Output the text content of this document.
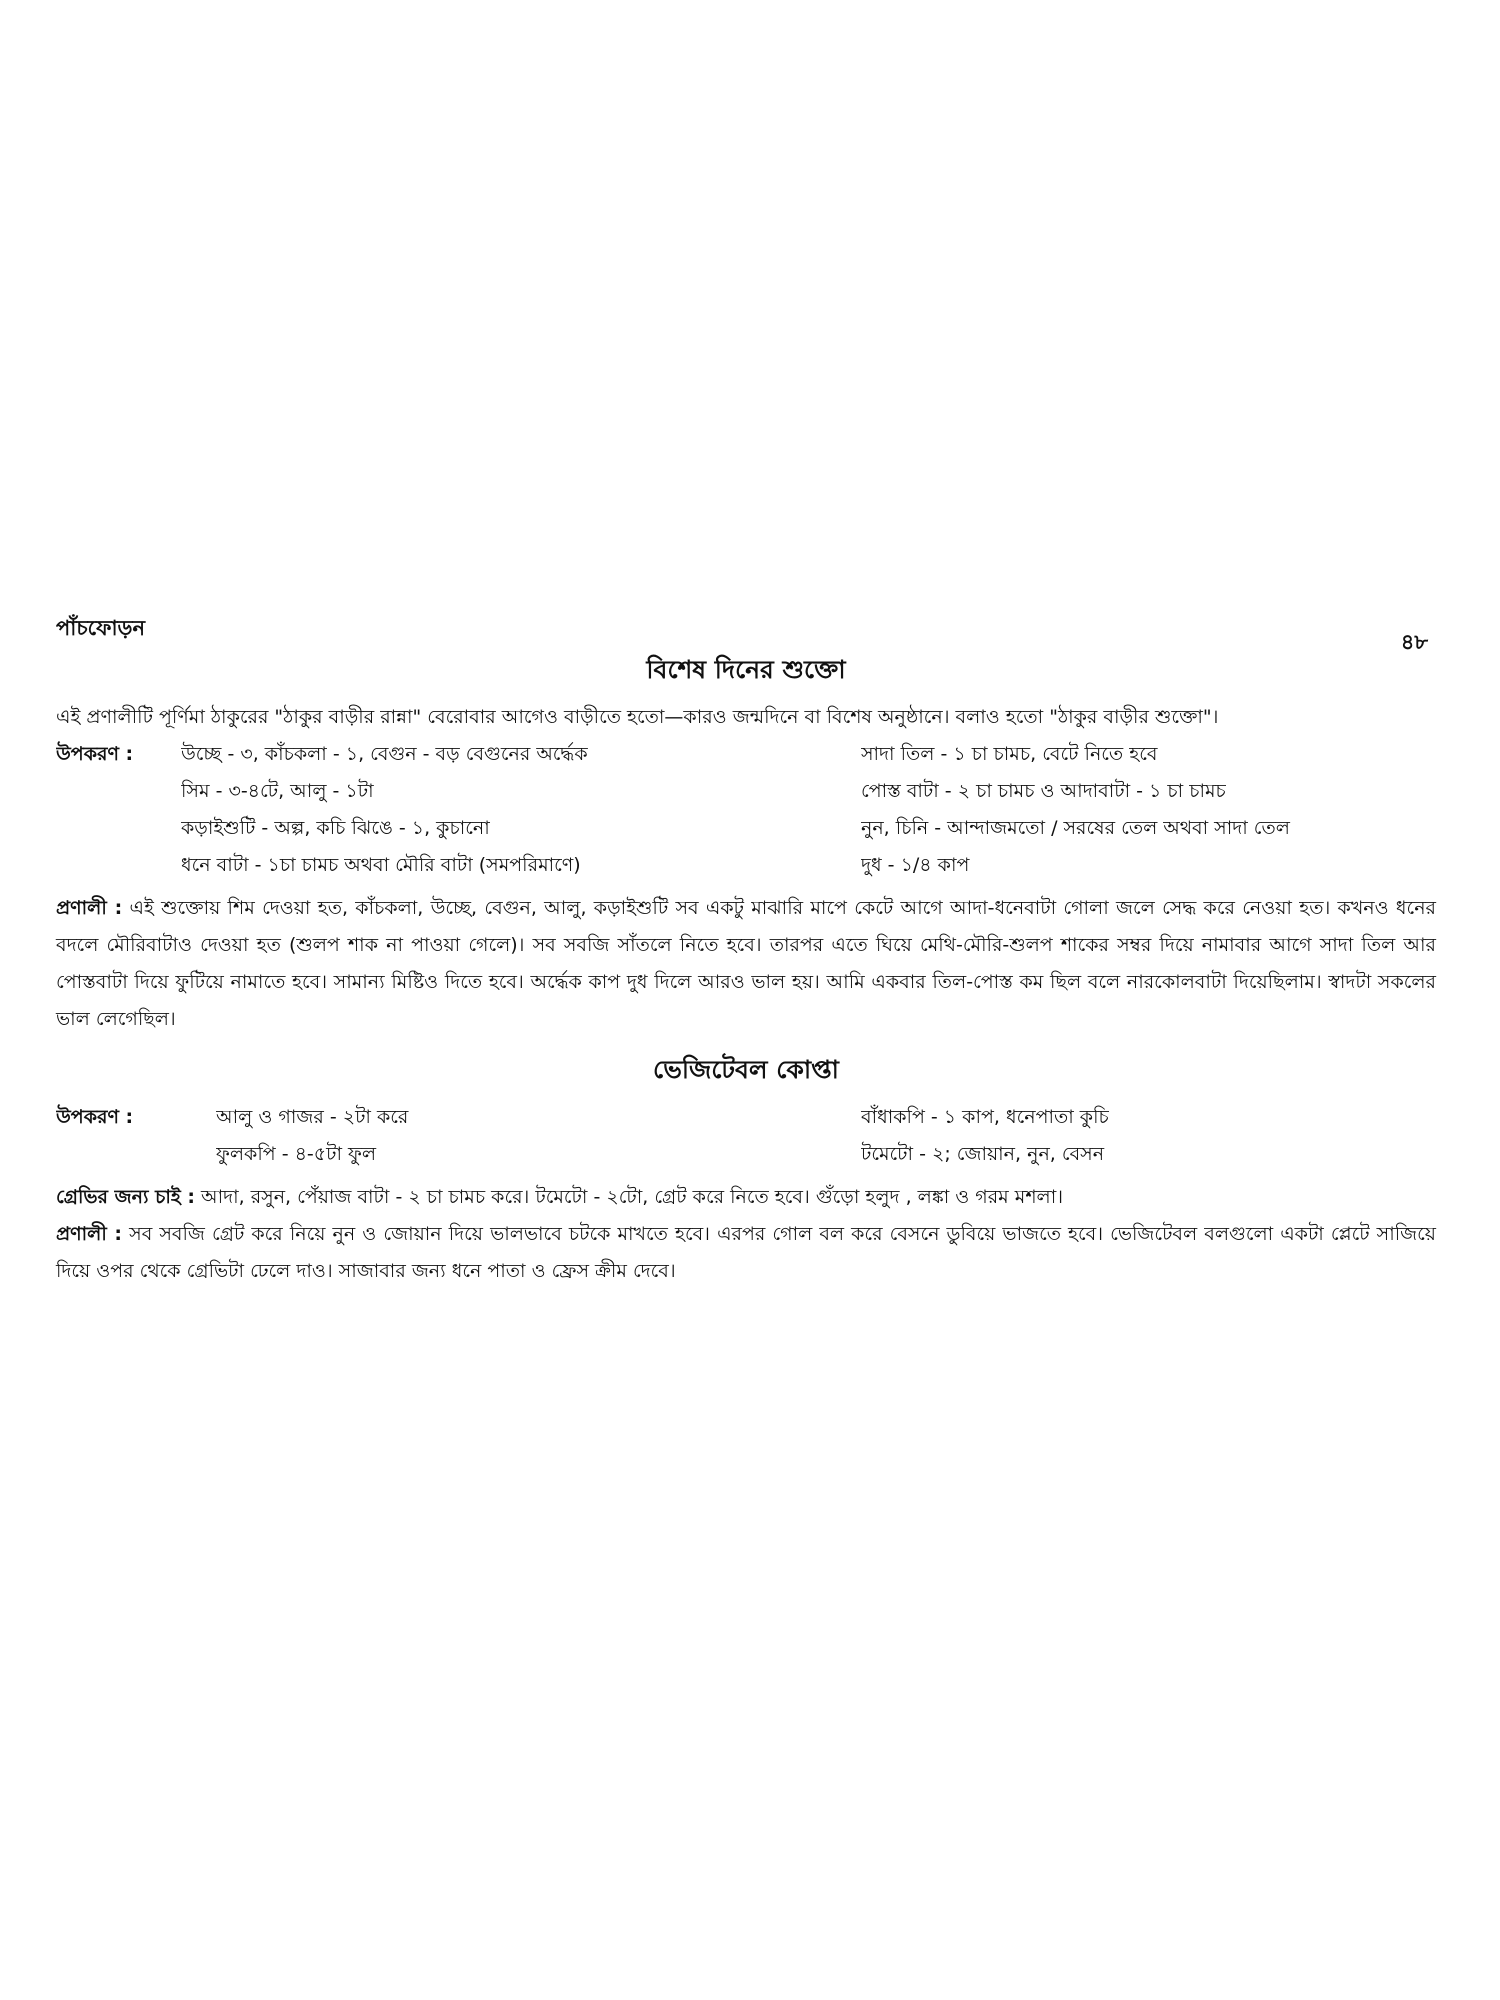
পাঁচফোড়ন
৪৮
বিশেষ দিনের শুক্তো
এই প্রণালীটি পূর্ণিমা ঠাকুরের "ঠাকুর বাড়ীর রান্না" বেরোবার আগেও বাড়ীতে হতো—কারও জন্মদিনে বা বিশেষ অনুষ্ঠানে। বলাও হতো "ঠাকুর বাড়ীর শুক্তো"।
উপকরণ :	উচ্ছে - ৩, কাঁচকলা - ১, বেগুন - বড় বেগুনের অর্দ্ধেক	সাদা তিল - ১ চা চামচ, বেটে নিতে হবে
সিম - ৩-৪টে, আলু - ১টা	পোস্ত বাটা - ২ চা চামচ ও আদাবাটা - ১ চা চামচ
কড়াইশুটি - অল্প, কচি ঝিঙে - ১, কুচানো	নুন, চিনি - আন্দাজমতো / সরষের তেল অথবা সাদা তেল
ধনে বাটা - ১চা চামচ অথবা মৌরি বাটা (সমপরিমাণে)	দুধ - ১/৪ কাপ

প্রণালী : এই শুক্তোয় শিম দেওয়া হত, কাঁচকলা, উচ্ছে, বেগুন, আলু, কড়াইশুটি সব একটু মাঝারি মাপে কেটে আগে আদা-ধনেবাটা গোলা জলে সেদ্ধ করে নেওয়া হত। কখনও ধনের বদলে মৌরিবাটাও দেওয়া হত (শুলপ শাক না পাওয়া গেলে)। সব সবজি সাঁতলে নিতে হবে। তারপর এতে ঘিয়ে মেথি-মৌরি-শুলপ শাকের সম্বর দিয়ে নামাবার আগে সাদা তিল আর পোস্তবাটা দিয়ে ফুটিয়ে নামাতে হবে। সামান্য মিষ্টিও দিতে হবে। অর্দ্ধেক কাপ দুধ দিলে আরও ভাল হয়। আমি একবার তিল-পোস্ত কম ছিল বলে নারকোলবাটা দিয়েছিলাম। স্বাদটা সকলের ভাল লেগেছিল।

ভেজিটেবল কোপ্তা
উপকরণ :	আলু ও গাজর - ২টা করে	বাঁধাকপি - ১ কাপ, ধনেপাতা কুচি
ফুলকপি - ৪-৫টা ফুল	টমেটো - ২; জোয়ান, নুন, বেসন
গ্রেভির জন্য চাই : আদা, রসুন, পেঁয়াজ বাটা - ২ চা চামচ করে। টমেটো - ২টো, গ্রেট করে নিতে হবে। গুঁড়ো হলুদ , লঙ্কা ও গরম মশলা।

প্রণালী : সব সবজি গ্রেট করে নিয়ে নুন ও জোয়ান দিয়ে ভালভাবে চটকে মাখতে হবে। এরপর গোল বল করে বেসনে ডুবিয়ে ভাজতে হবে। ভেজিটেবল বলগুলো একটা প্লেটে সাজিয়ে দিয়ে ওপর থেকে গ্রেভিটা ঢেলে দাও। সাজাবার জন্য ধনে পাতা ও ফ্রেস ক্রীম দেবে।
